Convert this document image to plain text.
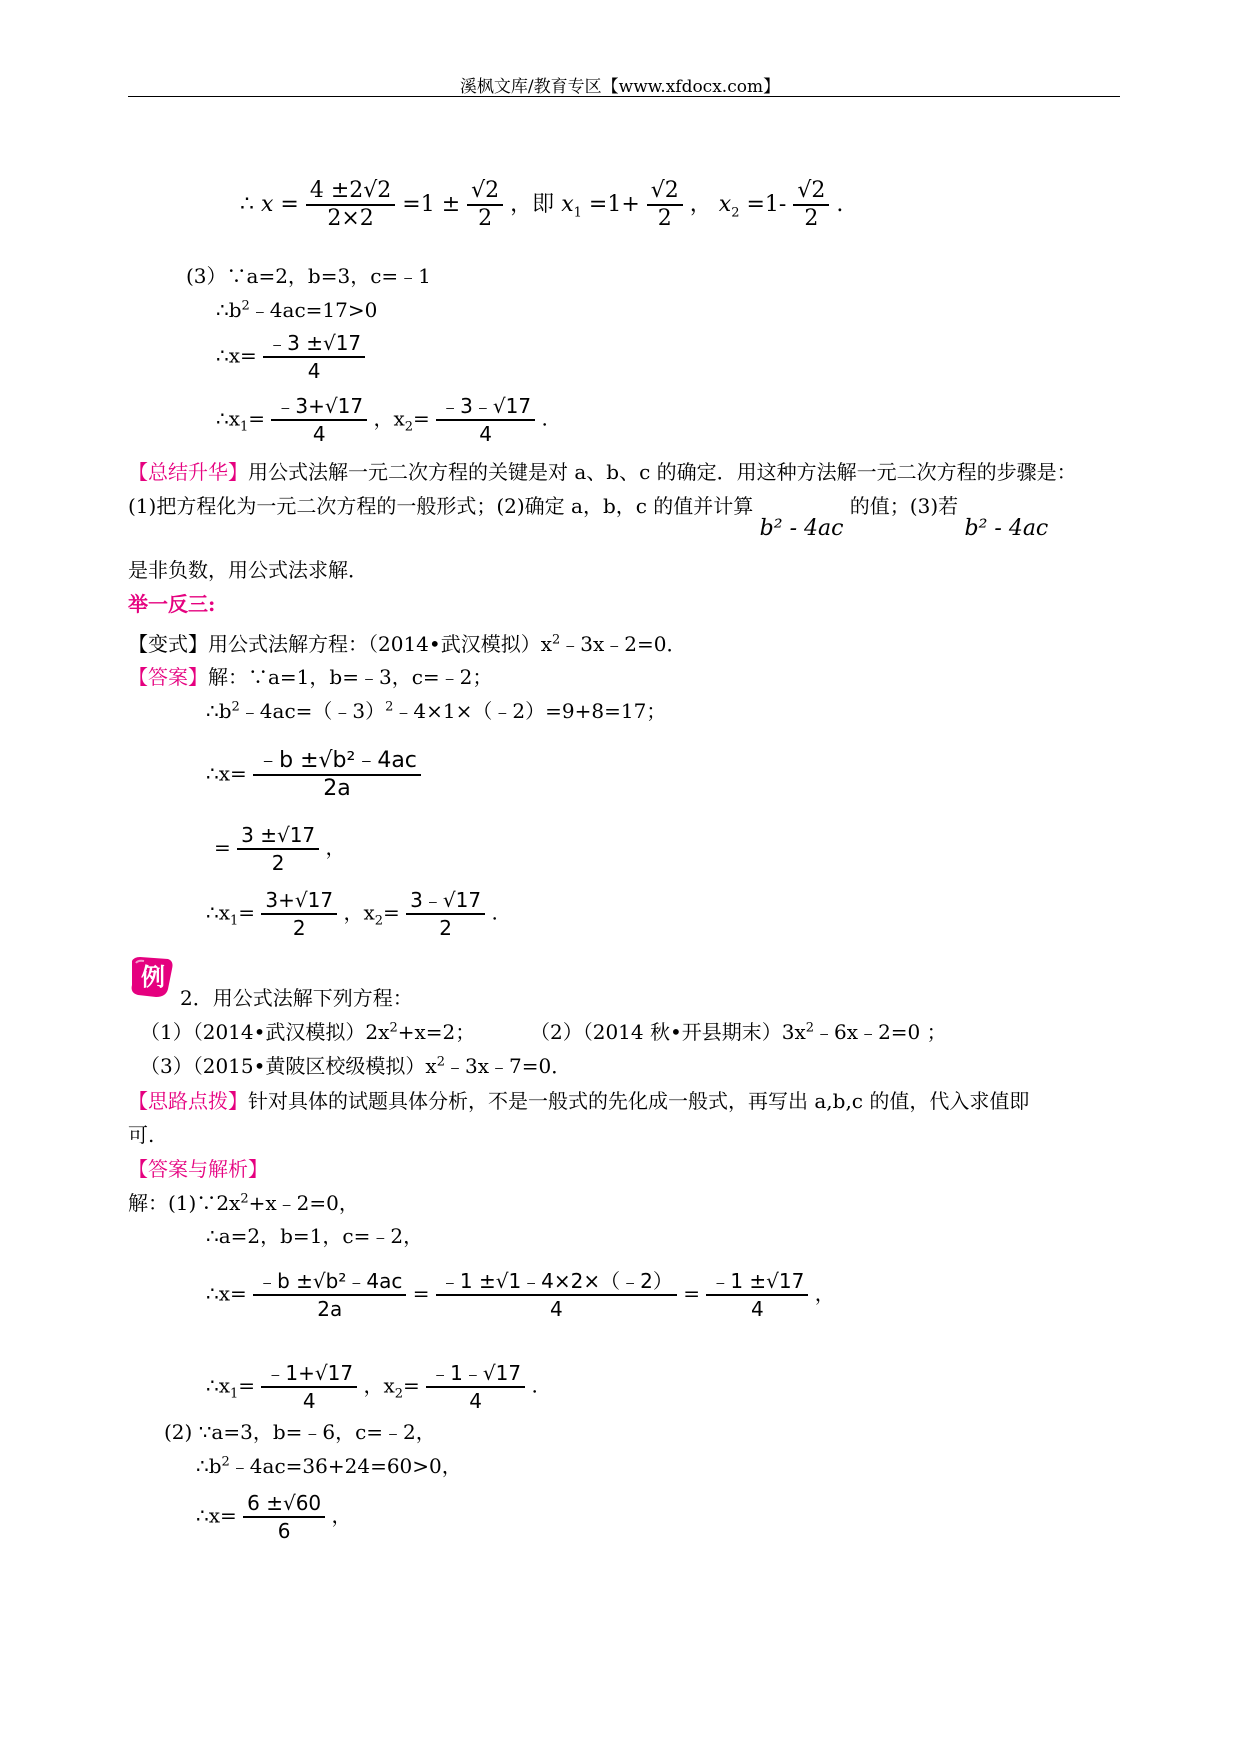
溪枫文库/教育专区【www.xfdocx.com】
∴ $x = \frac{4 \pm 2√2}{2\times 2} =1 \pm \frac{√2}{2}$ ，即 $x_1 =1+ \frac{√2}{2}$ ， $x_2 =1- \frac{√2}{2}$ .
(3）∵a=2，b=3，c=﹣1
$\therefore b^2﹣4ac=17>0$
∴x= $\frac{﹣3 \pm√17}{4}$
$\therefore x_1= \frac{﹣3+√17}{4}$ ，$x_2= \frac{﹣3﹣√17}{4}$ .
【总结升华】用公式法解一元二次方程的关键是对 a、b、c 的确定．用这种方法解一元二次方程的步骤是：
(1)把方程化为一元二次方程的一般形式；(2)确定 a，b，c 的值并计算 b² - 4ac 的值；(3)若 b² - 4ac
是非负数，用公式法求解．
举一反三:
【变式】用公式法解方程：（2014•武汉模拟）$x^2﹣3x﹣2=0$．
【答案】解：∵a=1，b=﹣3，c=﹣2；
$\therefore b^2﹣4ac=(﹣3)^2﹣4\times 1\times(﹣2)=9+8=17$；
∴x= $\frac{\text{﹣b ±√b²﹣4ac}}{2a}$
= $\frac{3 \pm√17}{2}$ ，
$\therefore x_1= \frac{3+√17}{2}$ ，$x_2= \frac{3﹣√17}{2}$ .
例
2．用公式法解下列方程：
（1）（2014•武汉模拟）$2x^2+x=2$；	（2）（2014 秋•开县期末）$3x^2﹣6x﹣2=0$ ；
（3）（2015•黄陂区校级模拟）$x^2﹣3x﹣7=0$．
【思路点拨】针对具体的试题具体分析，不是一般式的先化成一般式，再写出 a,b,c 的值，代入求值即
可.
【答案与解析】
解：$(1)\because 2x^2+x﹣2=0$，
∴a=2，b=1，c=﹣2，
∴x= $\frac{\text{﹣b ±√b²﹣4ac}}{2a} = \frac{﹣1 \pm√1﹣4\times 2\times(﹣2)}{4} = \frac{﹣1 \pm√17}{4}$ ，
$\therefore x_1= \frac{﹣1+√17}{4}$ ，$x_2= \frac{﹣1﹣√17}{4}$ .
(2) ∵a=3，b=﹣6，c=﹣2，
$\therefore b^2﹣4ac=36+24=60>0$，
∴x= $\frac{6 \pm√60}{6}$ ，
